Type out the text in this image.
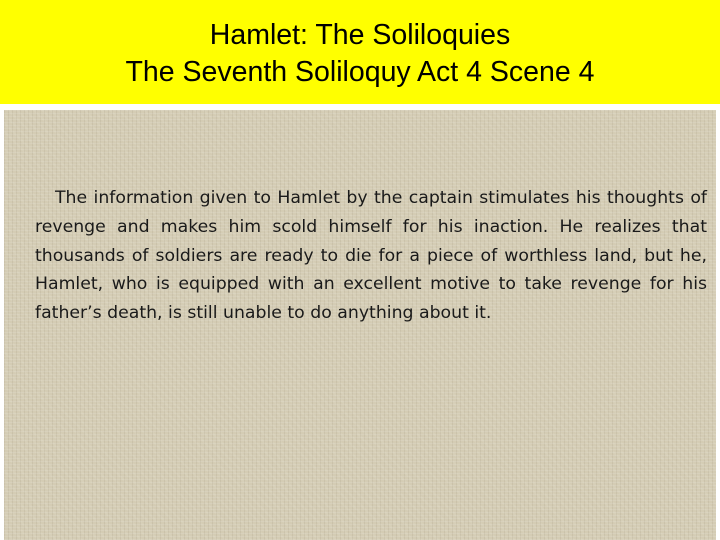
Hamlet: The Soliloquies
The Seventh Soliloquy Act 4 Scene 4

The information given to Hamlet by the captain stimulates his thoughts of revenge and makes him scold himself for his inaction. He realizes that thousands of soldiers are ready to die for a piece of worthless land, but he, Hamlet, who is equipped with an excellent motive to take revenge for his father’s death, is still unable to do anything about it.
